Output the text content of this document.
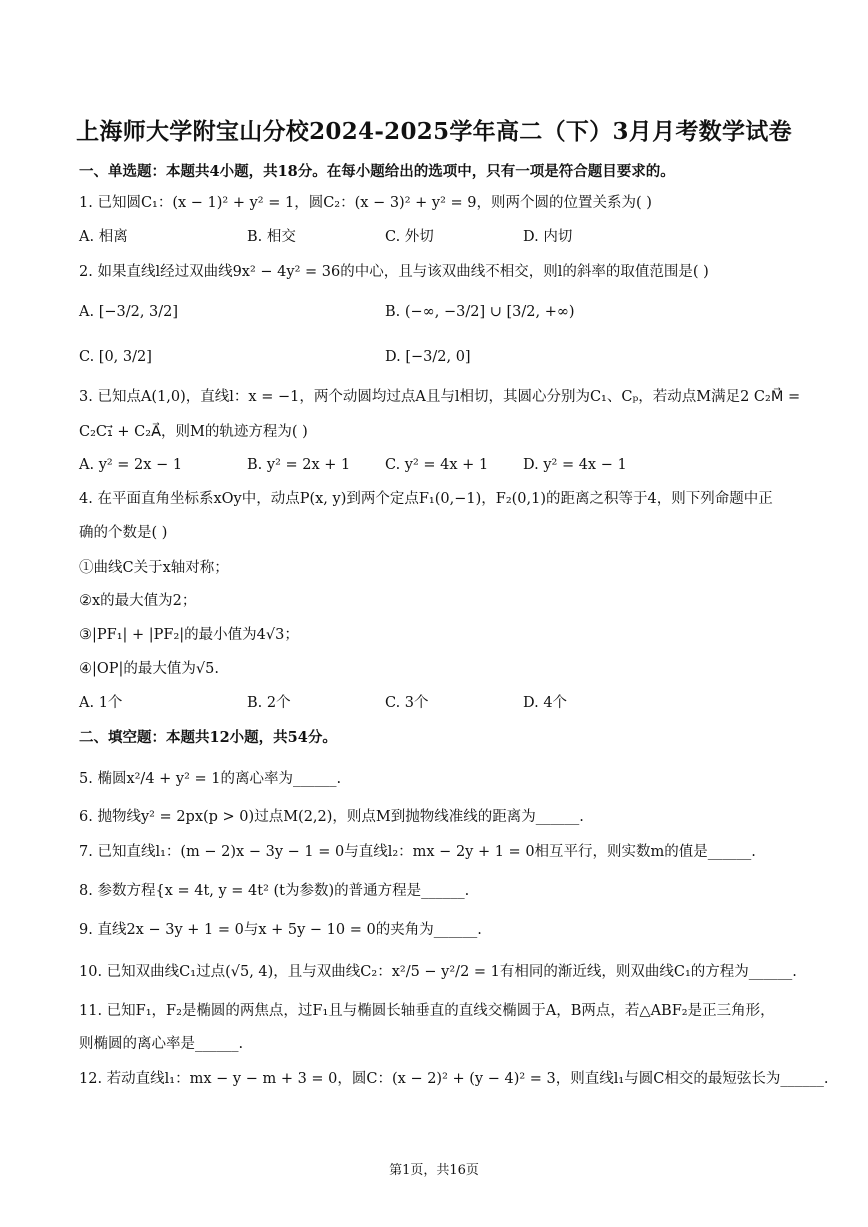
上海师大学附宝山分校2024-2025学年高二（下）3月月考数学试卷
一、单选题：本题共4小题，共18分。在每小题给出的选项中，只有一项是符合题目要求的。
1. 已知圆C₁：(x − 1)² + y² = 1，圆C₂：(x − 3)² + y² = 9，则两个圆的位置关系为( )
A. 相离	B. 相交	C. 外切	D. 内切
2. 如果直线l经过双曲线9x² − 4y² = 36的中心，且与该双曲线不相交，则l的斜率的取值范围是( )
A. [−3/2, 3/2]	B. (−∞, −3/2] ∪ [3/2, +∞)
C. [0, 3/2]	D. [−3/2, 0]
3. 已知点A(1,0)，直线l：x = −1，两个动圆均过点A且与l相切，其圆心分别为C₁、Cₚ，若动点M满足2 C₂M⃗ =
C₂C₁⃗ + C₂A⃗，则M的轨迹方程为( )
A. y² = 2x − 1	B. y² = 2x + 1 C. y² = 4x + 1 D. y² = 4x − 1
4. 在平面直角坐标系xOy中，动点P(x, y)到两个定点F₁(0,−1)，F₂(0,1)的距离之积等于4，则下列命题中正
确的个数是( )
①曲线C关于x轴对称；
②x的最大值为2；
③|PF₁| + |PF₂|的最小值为4√3；
④|OP|的最大值为√5.
A. 1个	B. 2个	C. 3个	D. 4个
二、填空题：本题共12小题，共54分。
5. 椭圆x²/4 + y² = 1的离心率为______.
6. 抛物线y² = 2px(p > 0)过点M(2,2)，则点M到抛物线准线的距离为______.
7. 已知直线l₁：(m − 2)x − 3y − 1 = 0与直线l₂：mx − 2y + 1 = 0相互平行，则实数m的值是______.
8. 参数方程{x = 4t, y = 4t² (t为参数)的普通方程是______.
9. 直线2x − 3y + 1 = 0与x + 5y − 10 = 0的夹角为______.
10. 已知双曲线C₁过点(√5, 4)，且与双曲线C₂：x²/5 − y²/2 = 1有相同的渐近线，则双曲线C₁的方程为______.
11. 已知F₁，F₂是椭圆的两焦点，过F₁且与椭圆长轴垂直的直线交椭圆于A，B两点，若△ABF₂是正三角形，
则椭圆的离心率是______.
12. 若动直线l₁：mx − y − m + 3 = 0，圆C：(x − 2)² + (y − 4)² = 3，则直线l₁与圆C相交的最短弦长为______.
第1页，共16页
